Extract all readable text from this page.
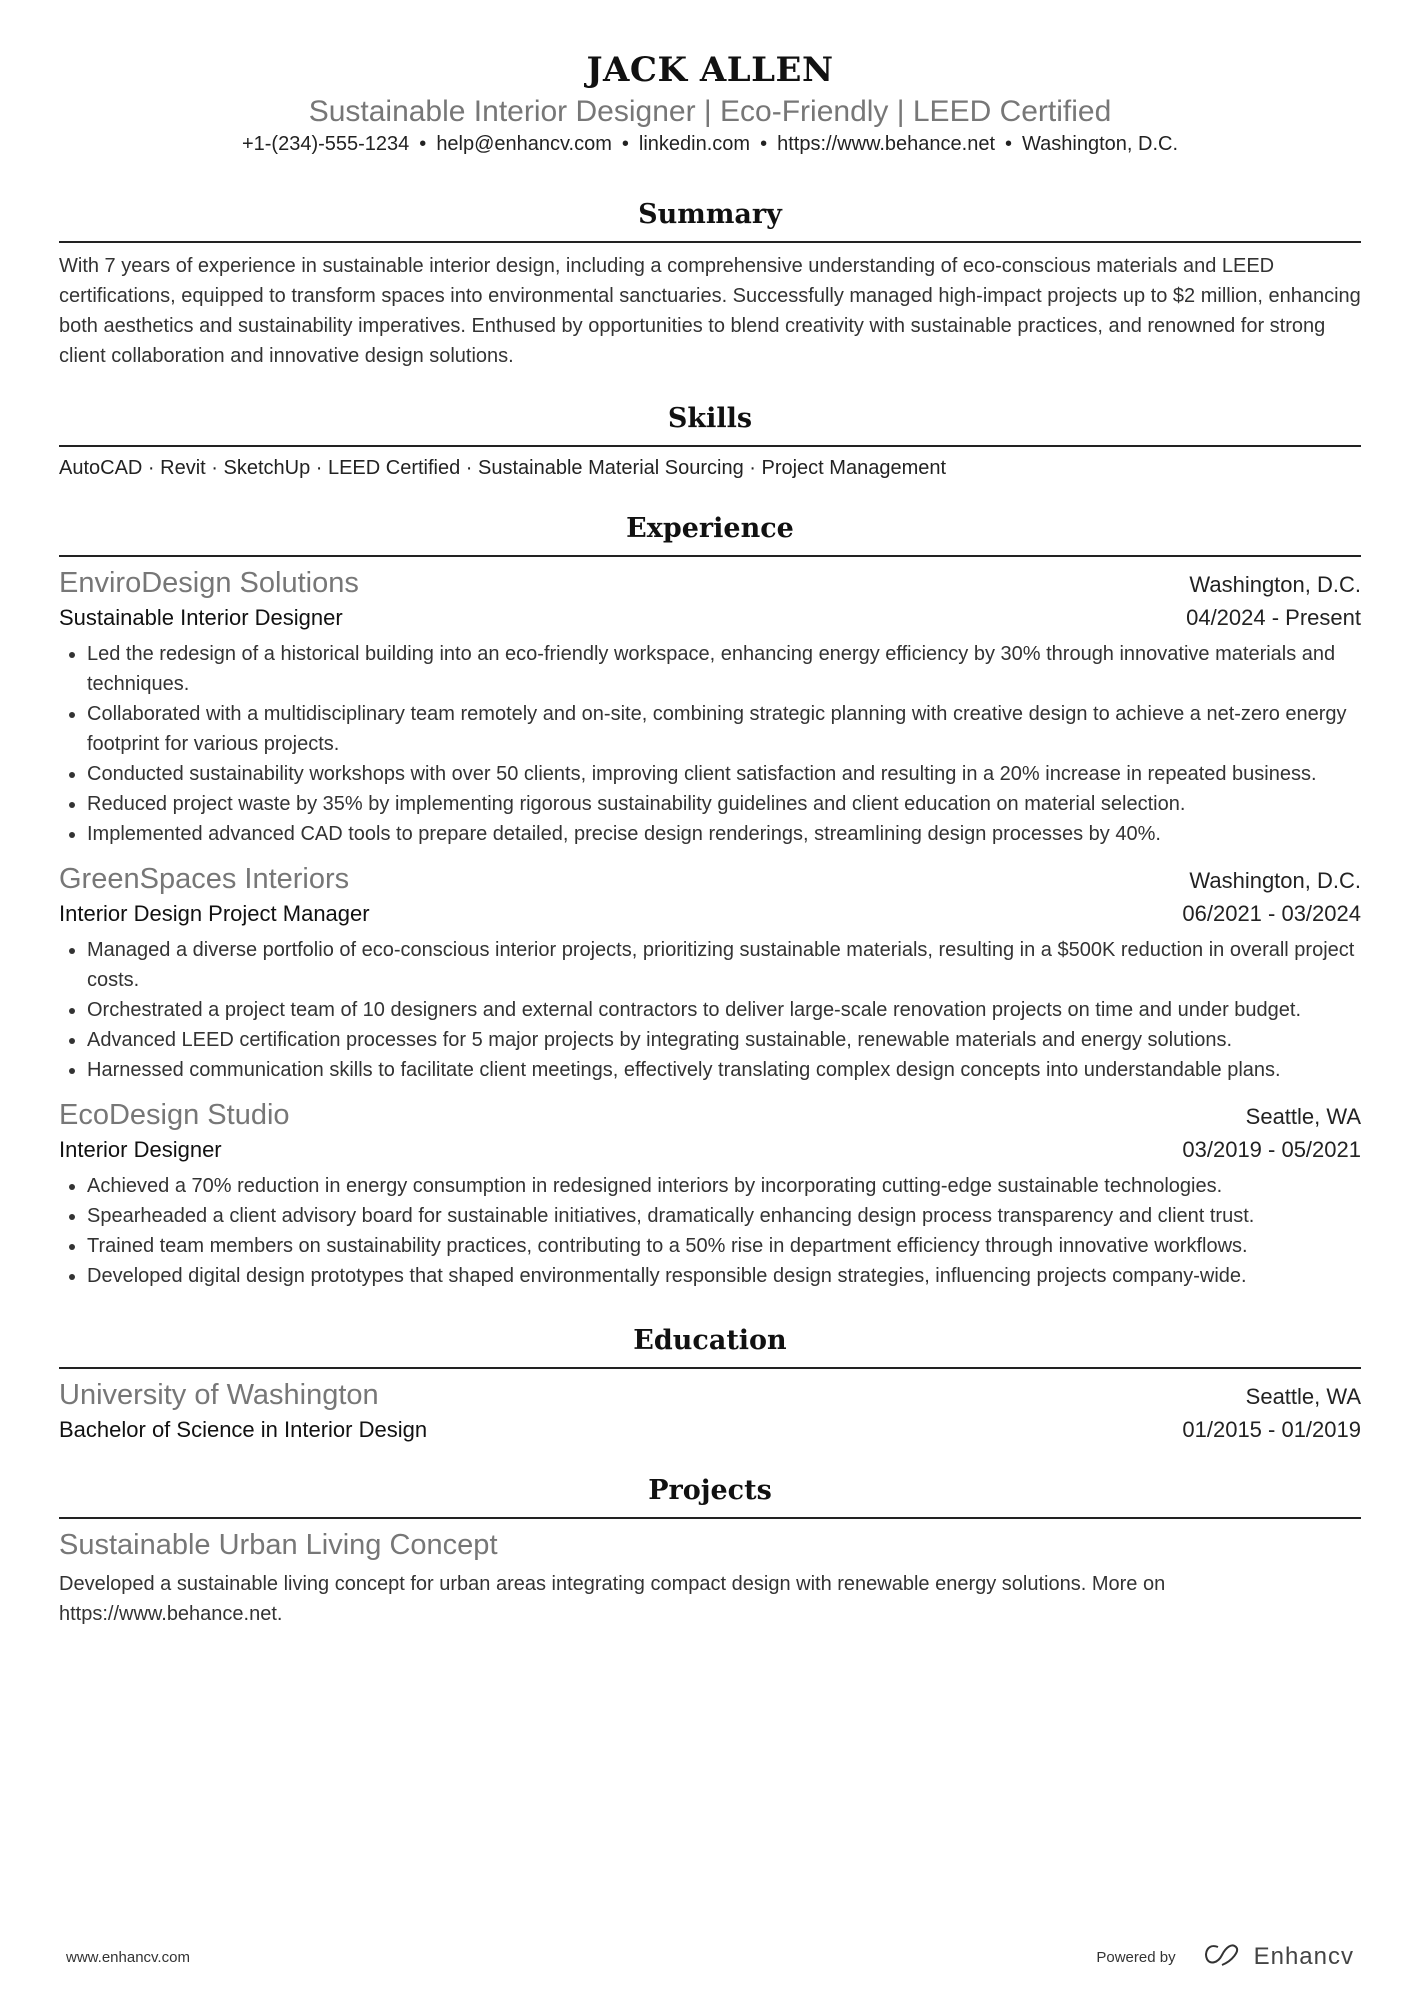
JACK ALLEN
Sustainable Interior Designer | Eco-Friendly | LEED Certified
+1-(234)-555-1234 • help@enhancv.com • linkedin.com • https://www.behance.net • Washington, D.C.
Summary
With 7 years of experience in sustainable interior design, including a comprehensive understanding of eco-conscious materials and LEED certifications, equipped to transform spaces into environmental sanctuaries. Successfully managed high-impact projects up to $2 million, enhancing both aesthetics and sustainability imperatives. Enthused by opportunities to blend creativity with sustainable practices, and renowned for strong client collaboration and innovative design solutions.
Skills
AutoCAD · Revit · SketchUp · LEED Certified · Sustainable Material Sourcing · Project Management
Experience
EnviroDesign Solutions	Washington, D.C.
Sustainable Interior Designer	04/2024 - Present
• Led the redesign of a historical building into an eco-friendly workspace, enhancing energy efficiency by 30% through innovative materials and techniques.
• Collaborated with a multidisciplinary team remotely and on-site, combining strategic planning with creative design to achieve a net-zero energy footprint for various projects.
• Conducted sustainability workshops with over 50 clients, improving client satisfaction and resulting in a 20% increase in repeated business.
• Reduced project waste by 35% by implementing rigorous sustainability guidelines and client education on material selection.
• Implemented advanced CAD tools to prepare detailed, precise design renderings, streamlining design processes by 40%.
GreenSpaces Interiors	Washington, D.C.
Interior Design Project Manager	06/2021 - 03/2024
• Managed a diverse portfolio of eco-conscious interior projects, prioritizing sustainable materials, resulting in a $500K reduction in overall project costs.
• Orchestrated a project team of 10 designers and external contractors to deliver large-scale renovation projects on time and under budget.
• Advanced LEED certification processes for 5 major projects by integrating sustainable, renewable materials and energy solutions.
• Harnessed communication skills to facilitate client meetings, effectively translating complex design concepts into understandable plans.
EcoDesign Studio	Seattle, WA
Interior Designer	03/2019 - 05/2021
• Achieved a 70% reduction in energy consumption in redesigned interiors by incorporating cutting-edge sustainable technologies.
• Spearheaded a client advisory board for sustainable initiatives, dramatically enhancing design process transparency and client trust.
• Trained team members on sustainability practices, contributing to a 50% rise in department efficiency through innovative workflows.
• Developed digital design prototypes that shaped environmentally responsible design strategies, influencing projects company-wide.
Education
University of Washington	Seattle, WA
Bachelor of Science in Interior Design	01/2015 - 01/2019
Projects
Sustainable Urban Living Concept
Developed a sustainable living concept for urban areas integrating compact design with renewable energy solutions. More on https://www.behance.net.
www.enhancv.com	Powered by	Enhancv
